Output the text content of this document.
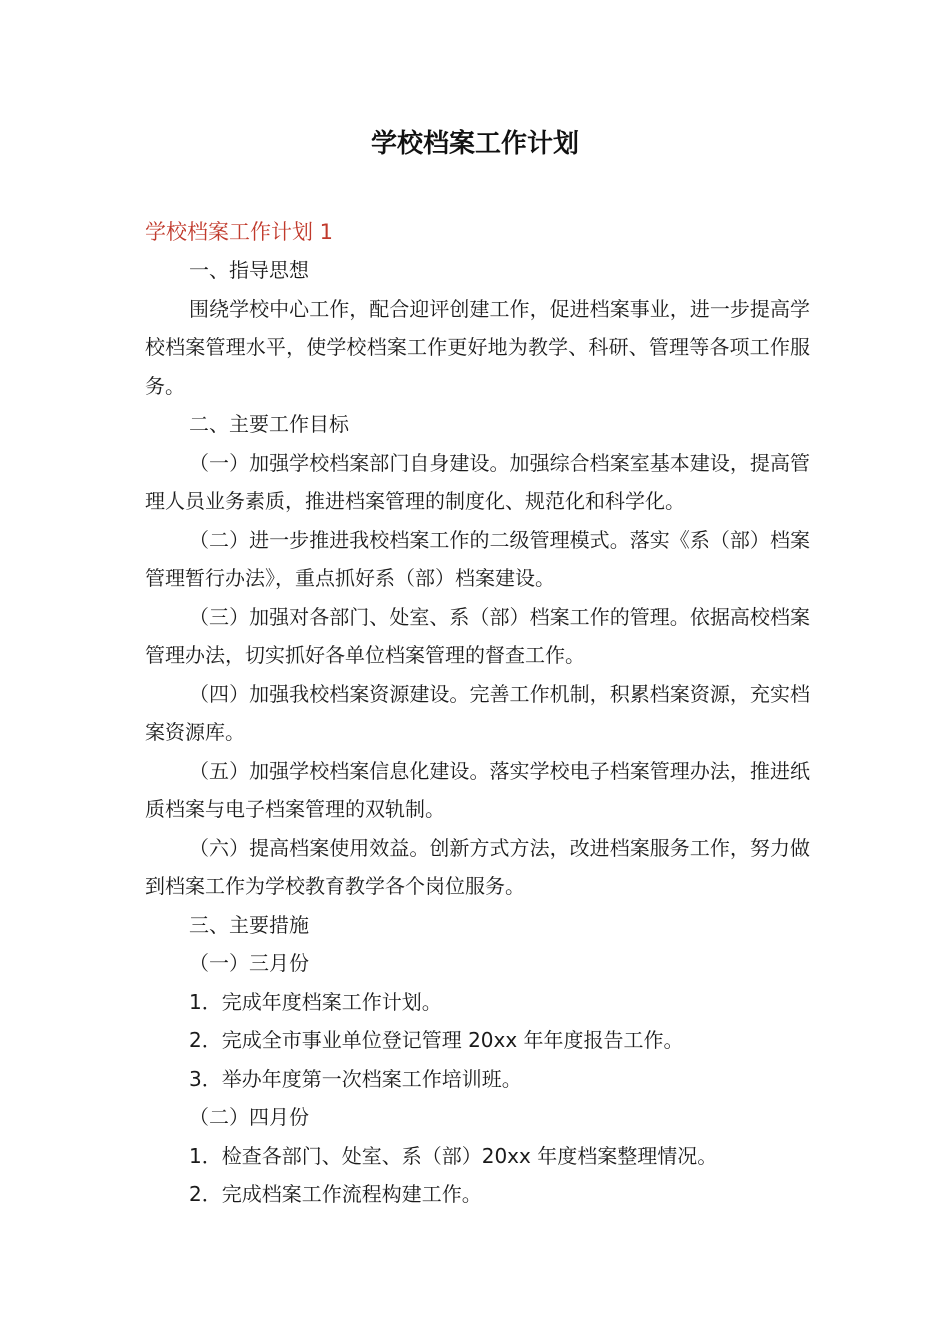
学校档案工作计划
学校档案工作计划 1

一、指导思想

围绕学校中心工作，配合迎评创建工作，促进档案事业，进一步提高学校档案管理水平，使学校档案工作更好地为教学、科研、管理等各项工作服务。

二、主要工作目标

（一）加强学校档案部门自身建设。加强综合档案室基本建设，提高管理人员业务素质，推进档案管理的制度化、规范化和科学化。

（二）进一步推进我校档案工作的二级管理模式。落实《系（部）档案管理暂行办法》，重点抓好系（部）档案建设。

（三）加强对各部门、处室、系（部）档案工作的管理。依据高校档案管理办法，切实抓好各单位档案管理的督查工作。

（四）加强我校档案资源建设。完善工作机制，积累档案资源，充实档案资源库。

（五）加强学校档案信息化建设。落实学校电子档案管理办法，推进纸质档案与电子档案管理的双轨制。

（六）提高档案使用效益。创新方式方法，改进档案服务工作，努力做到档案工作为学校教育教学各个岗位服务。

三、主要措施

（一）三月份

1．完成年度档案工作计划。

2．完成全市事业单位登记管理 20xx 年年度报告工作。

3．举办年度第一次档案工作培训班。

（二）四月份

1．检查各部门、处室、系（部）20xx 年度档案整理情况。

2．完成档案工作流程构建工作。
